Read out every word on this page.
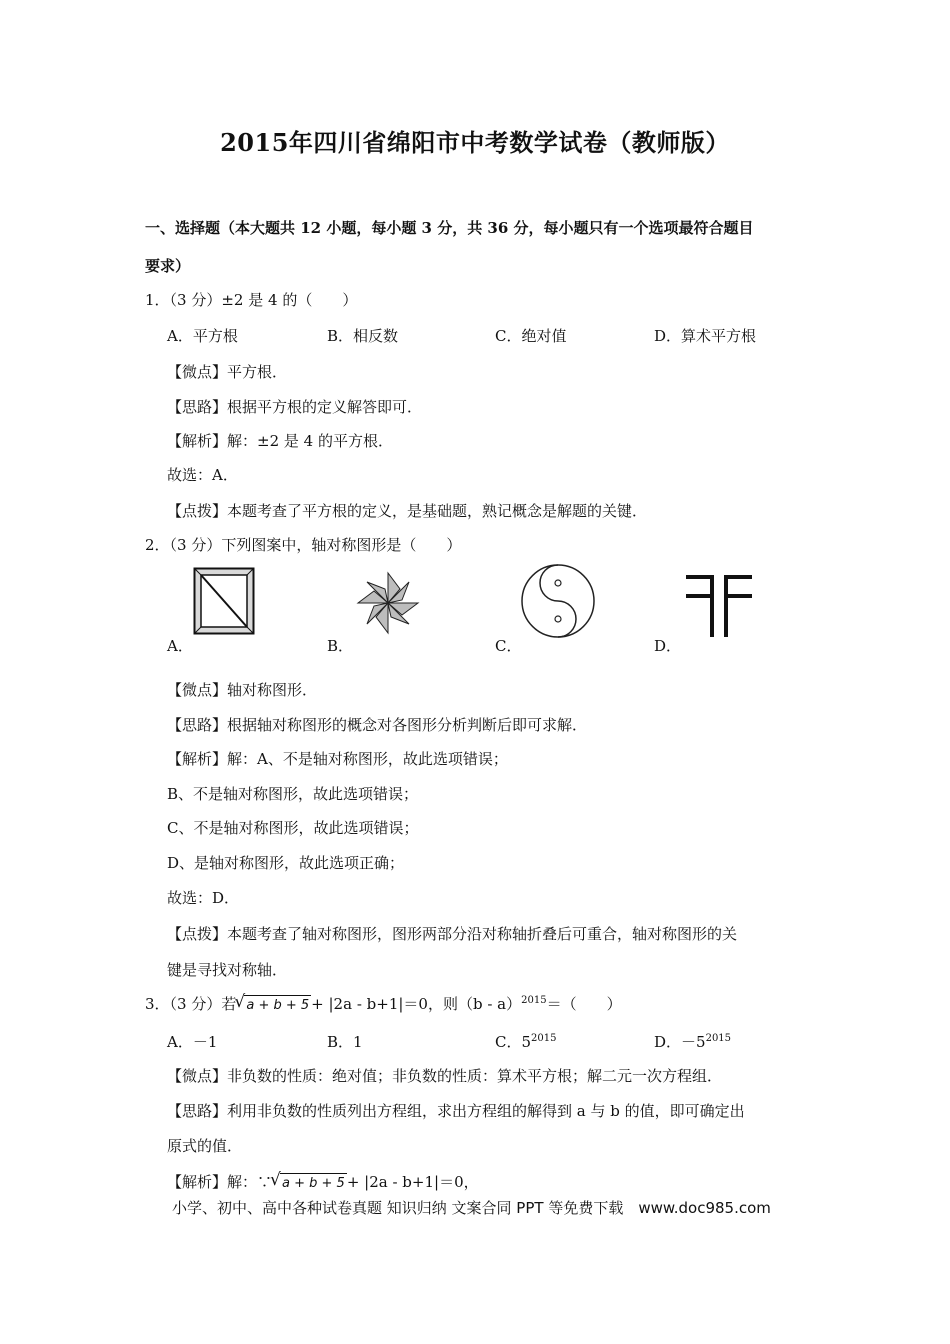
2015年四川省绵阳市中考数学试卷（教师版）
一、选择题（本大题共 12 小题，每小题 3 分，共 36 分，每小题只有一个选项最符合题目
要求）
1．（3 分）±2 是 4 的（　　）
A．平方根	B．相反数	C．绝对值	D．算术平方根
【微点】平方根．
【思路】根据平方根的定义解答即可．
【解析】解：±2 是 4 的平方根．
故选：A．
【点拨】本题考查了平方根的定义，是基础题，熟记概念是解题的关键．
2．（3 分）下列图案中，轴对称图形是（　　）
A．	B．	C．	D．
【微点】轴对称图形．
【思路】根据轴对称图形的概念对各图形分析判断后即可求解．
【解析】解：A、不是轴对称图形，故此选项错误；
B、不是轴对称图形，故此选项错误；
C、不是轴对称图形，故此选项错误；
D、是轴对称图形，故此选项正确；
故选：D．
【点拨】本题考查了轴对称图形，图形两部分沿对称轴折叠后可重合，轴对称图形的关
键是寻找对称轴．
3．（3 分）若
√ a + b + 5 + |2a - b+1|＝0，则（b - a）$^{2015}$＝（　　）
A．－1	B．1	C．$5^{2015}$	D．$-5^{2015}$
【微点】非负数的性质：绝对值；非负数的性质：算术平方根；解二元一次方程组．
【思路】利用非负数的性质列出方程组，求出方程组的解得到 a 与 b 的值，即可确定出
原式的值．
【解析】解：∵
√ a + b + 5 + |2a - b+1|＝0，
小学、初中、高中各种试卷真题 知识归纳 文案合同 PPT 等免费下载　www.doc985.com
